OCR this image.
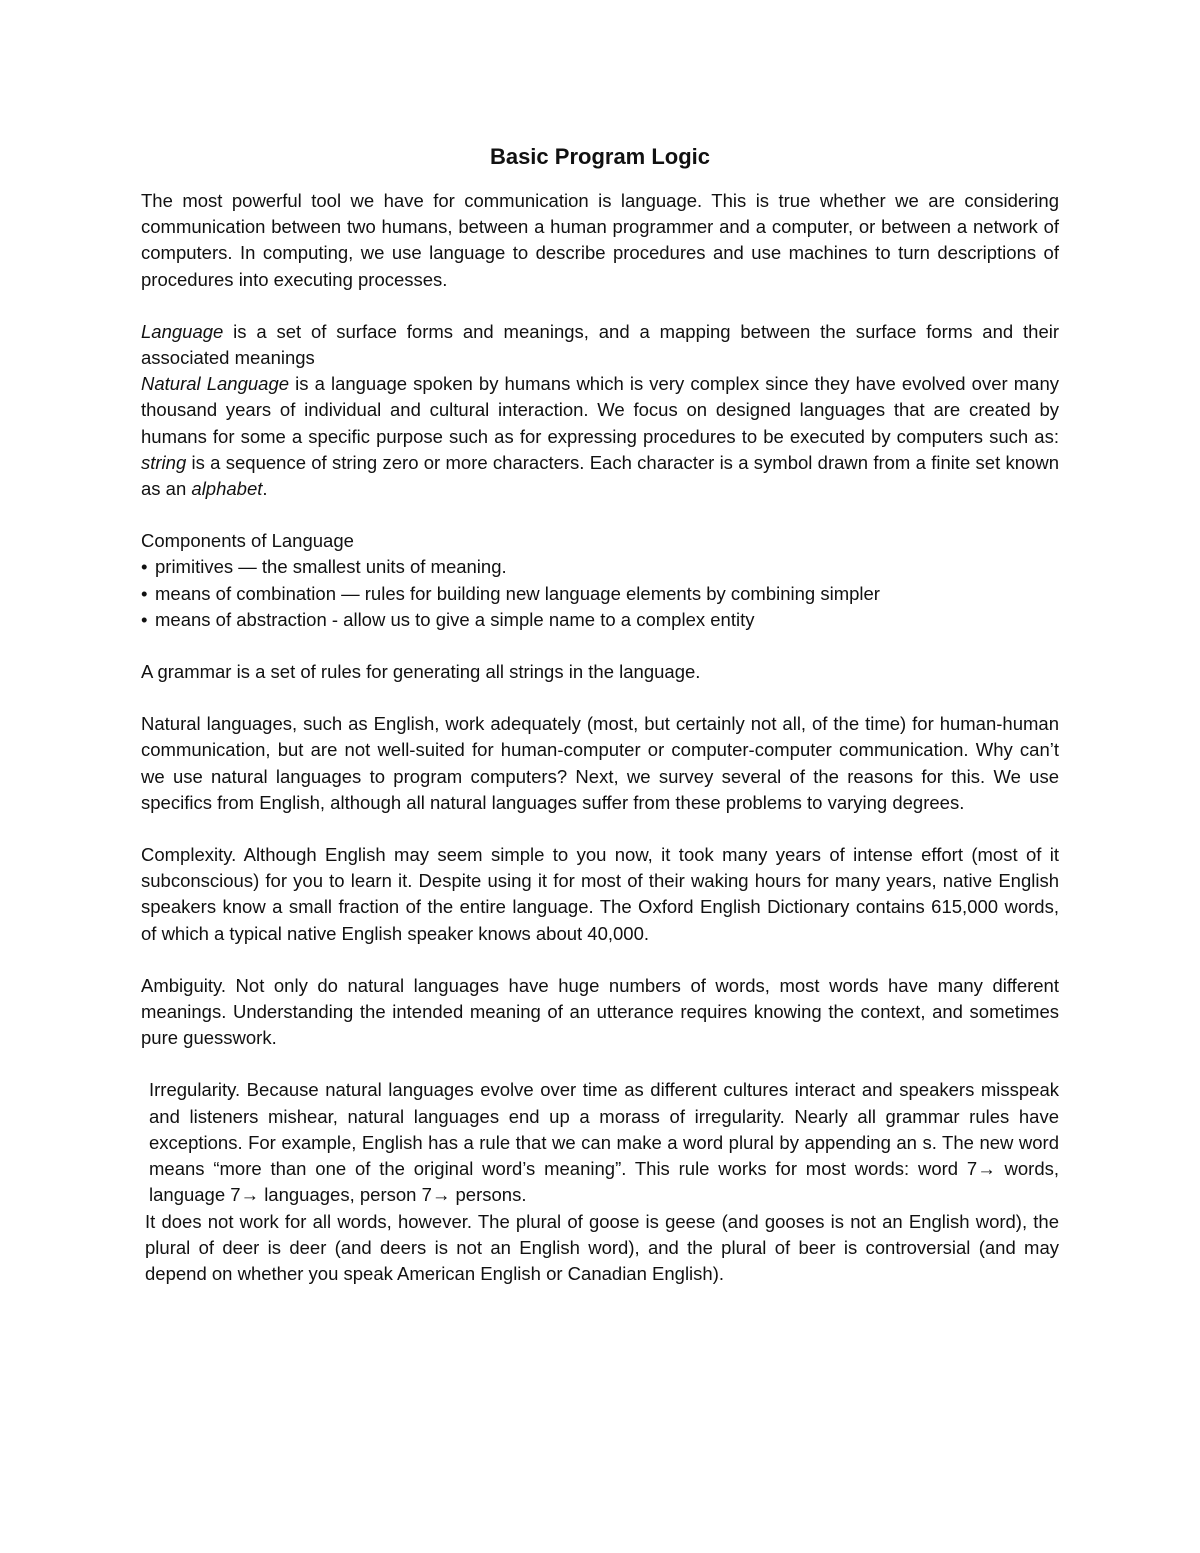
Basic Program Logic

The most powerful tool we have for communication is language. This is true whether we are considering communication between two humans, between a human programmer and a computer, or between a network of computers. In computing, we use language to describe procedures and use machines to turn descriptions of procedures into executing processes.

Language is a set of surface forms and meanings, and a mapping between the surface forms and their associated meanings

Natural Language is a language spoken by humans which is very complex since they have evolved over many thousand years of individual and cultural interaction. We focus on designed languages that are created by humans for some a specific purpose such as for expressing procedures to be executed by computers such as: string is a sequence of string zero or more characters. Each character is a symbol drawn from a finite set known as an alphabet.

Components of Language

• primitives — the smallest units of meaning.
• means of combination — rules for building new language elements by combining simpler
• means of abstraction - allow us to give a simple name to a complex entity

A grammar is a set of rules for generating all strings in the language.

Natural languages, such as English, work adequately (most, but certainly not all, of the time) for human-human communication, but are not well-suited for human-computer or computer-computer communication. Why can’t we use natural languages to program computers? Next, we survey several of the reasons for this. We use specifics from English, although all natural languages suffer from these problems to varying degrees.

Complexity. Although English may seem simple to you now, it took many years of intense effort (most of it subconscious) for you to learn it. Despite using it for most of their waking hours for many years, native English speakers know a small fraction of the entire language. The Oxford English Dictionary contains 615,000 words, of which a typical native English speaker knows about 40,000.

Ambiguity. Not only do natural languages have huge numbers of words, most words have many different meanings. Understanding the intended meaning of an utterance requires knowing the context, and sometimes pure guesswork.

Irregularity. Because natural languages evolve over time as different cultures interact and speakers misspeak and listeners mishear, natural languages end up a morass of irregularity. Nearly all grammar rules have exceptions. For example, English has a rule that we can make a word plural by appending an s. The new word means “more than one of the original word’s meaning”. This rule works for most words: word 7→ words, language 7→ languages, person 7→ persons.

It does not work for all words, however. The plural of goose is geese (and gooses is not an English word), the plural of deer is deer (and deers is not an English word), and the plural of beer is controversial (and may depend on whether you speak American English or Canadian English).
